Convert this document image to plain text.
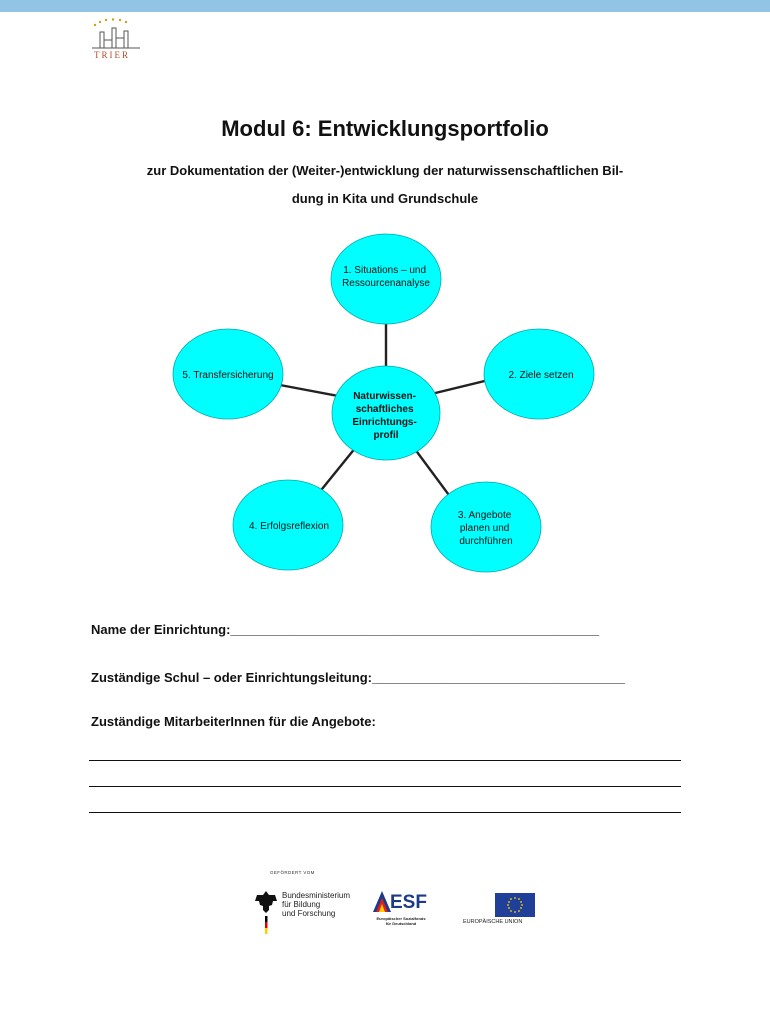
TRIER
Modul 6: Entwicklungsportfolio
zur Dokumentation der (Weiter-)entwicklung der naturwissenschaftlichen Bil-
dung in Kita und Grundschule
Naturwissen- schaftliches Einrichtungs- profil
1. Situations – und Ressourcenanalyse
2. Ziele setzen
3. Angebote planen und durchführen
4. Erfolgsreflexion
5. Transfersicherung
Name der Einrichtung:___________________________________________________
Zuständige Schul – oder Einrichtungsleitung:___________________________________
Zuständige MitarbeiterInnen für die Angebote:
GEFÖRDERT VOM
Bundesministerium
für Bildung
und Forschung
ESF
Europäischer Sozialfonds
für Deutschland	EUROPÄISCHE UNION
